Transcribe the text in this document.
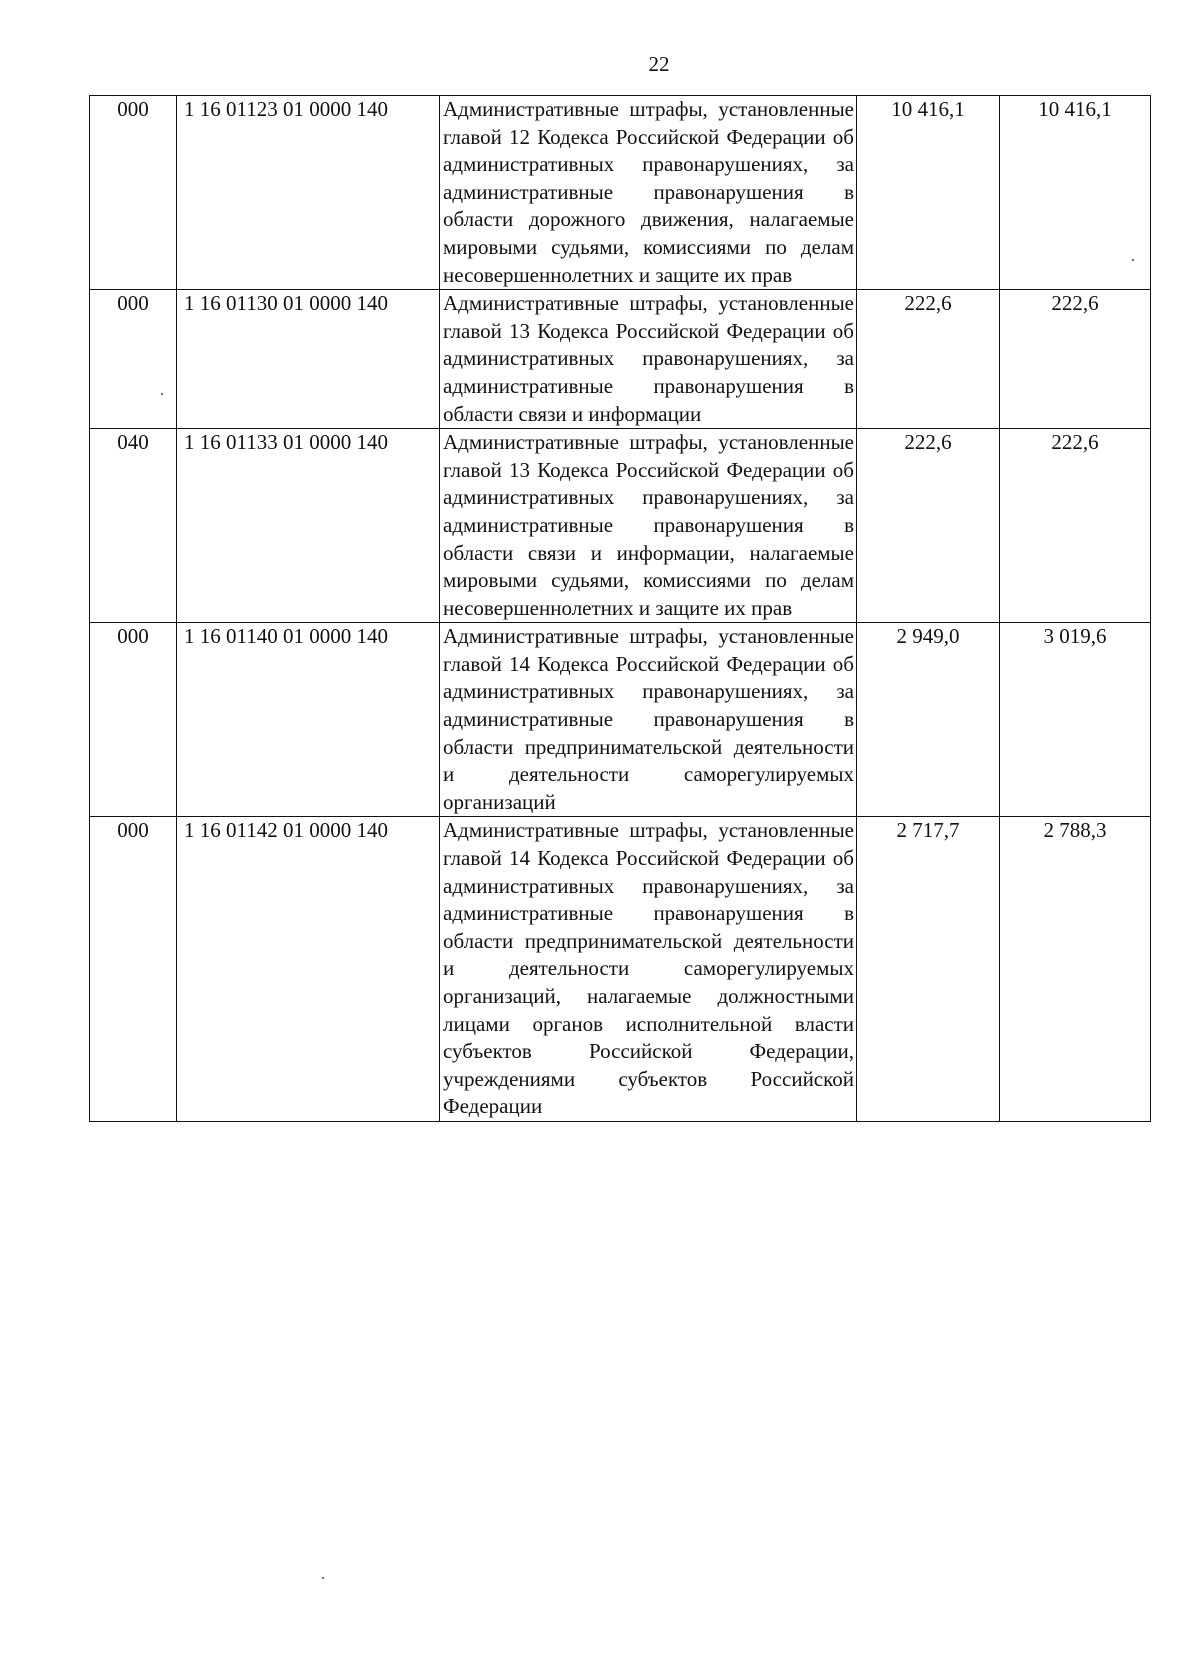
22
000	1 16 01123 01 0000 140	Административные штрафы, установленные главой 12 Кодекса Российской Федерации об административных правонарушениях, за административные правонарушения в области дорожного движения, налагаемые мировыми судьями, комиссиями по делам несовершеннолетних и защите их прав	10 416,1	10 416,1
000	1 16 01130 01 0000 140	Административные штрафы, установленные главой 13 Кодекса Российской Федерации об административных правонарушениях, за административные правонарушения в области связи и информации	222,6	222,6
040	1 16 01133 01 0000 140	Административные штрафы, установленные главой 13 Кодекса Российской Федерации об административных правонарушениях, за административные правонарушения в области связи и информации, налагаемые мировыми судьями, комиссиями по делам несовершеннолетних и защите их прав	222,6	222,6
000	1 16 01140 01 0000 140	Административные штрафы, установленные главой 14 Кодекса Российской Федерации об административных правонарушениях, за административные правонарушения в области предпринимательской деятельности и деятельности саморегулируемых организаций	2 949,0	3 019,6
000	1 16 01142 01 0000 140	Административные штрафы, установленные главой 14 Кодекса Российской Федерации об административных правонарушениях, за административные правонарушения в области предпринимательской деятельности и деятельности саморегулируемых организаций, налагаемые должностными лицами органов исполнительной власти субъектов Российской Федерации, учреждениями субъектов Российской Федерации	2 717,7	2 788,3
